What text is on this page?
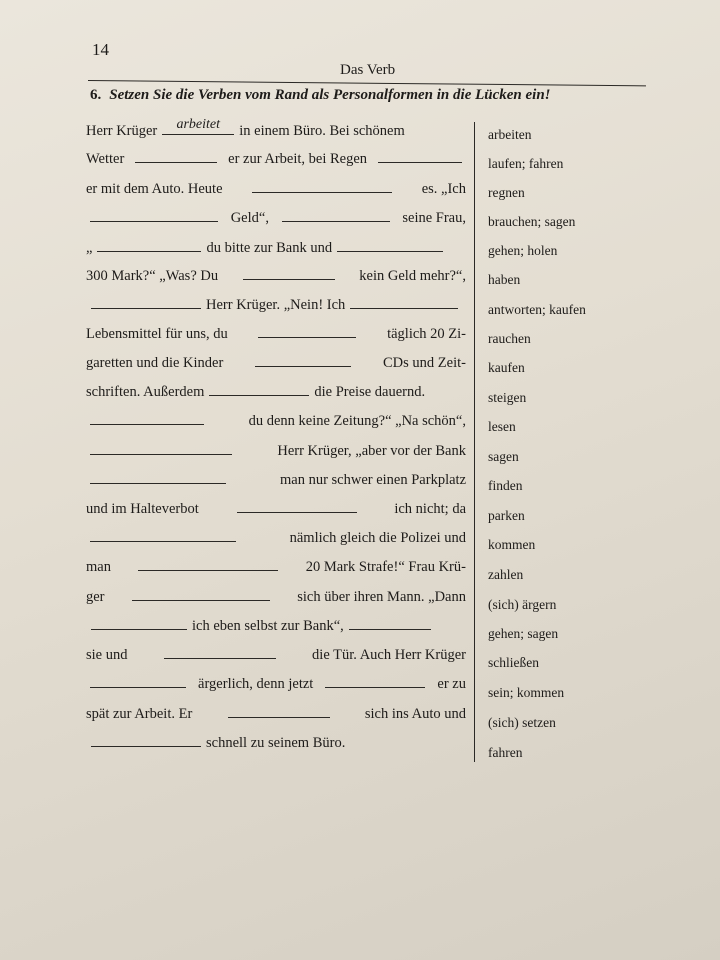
14
Das Verb
6. Setzen Sie die Verben vom Rand als Personalformen in die Lücken ein!
Herr Krüger	arbeitet	in einem Büro. Bei schönem
Wetter	er zur Arbeit, bei Regen
er mit dem Auto. Heute	es. „Ich
Geld“,	seine Frau,
„	du bitte zur Bank und
300 Mark?“ „Was? Du	kein Geld mehr?“,
Herr Krüger. „Nein! Ich
Lebensmittel für uns, du	täglich 20 Zi-
garetten und die Kinder	CDs und Zeit-
schriften. Außerdem	die Preise dauernd.
du denn keine Zeitung?“ „Na schön“,
Herr Krüger, „aber vor der Bank
man nur schwer einen Parkplatz
und im Halteverbot	ich nicht; da
nämlich gleich die Polizei und
man	20 Mark Strafe!“ Frau Krü-
ger	sich über ihren Mann. „Dann
ich eben selbst zur Bank“,
sie und	die Tür. Auch Herr Krüger
ärgerlich, denn jetzt	er zu
spät zur Arbeit. Er	sich ins Auto und
schnell zu seinem Büro.
arbeiten
laufen; fahren
regnen
brauchen; sagen
gehen; holen
haben
antworten; kaufen
rauchen
kaufen
steigen
lesen
sagen
finden
parken
kommen
zahlen
(sich) ärgern
gehen; sagen
schließen
sein; kommen
(sich) setzen
fahren
